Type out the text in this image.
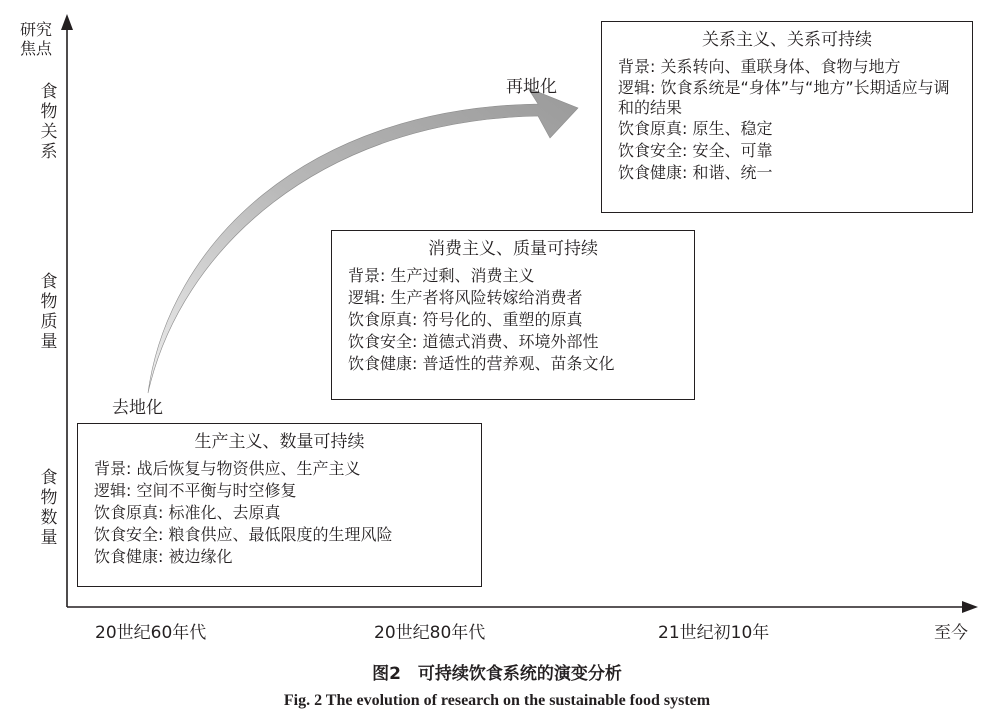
研究焦点
食物关系
食物质量
食物数量
20世纪60年代	20世纪80年代	21世纪初10年	至今
去地化
再地化
生产主义、数量可持续
背景: 战后恢复与物资供应、生产主义
逻辑: 空间不平衡与时空修复
饮食原真: 标准化、去原真
饮食安全: 粮食供应、最低限度的生理风险
饮食健康: 被边缘化
消费主义、质量可持续
背景: 生产过剩、消费主义
逻辑: 生产者将风险转嫁给消费者
饮食原真: 符号化的、重塑的原真
饮食安全: 道德式消费、环境外部性
饮食健康: 普适性的营养观、苗条文化
关系主义、关系可持续
背景: 关系转向、重联身体、食物与地方
逻辑: 饮食系统是“身体”与“地方”长期适应与调和的结果
饮食原真: 原生、稳定
饮食安全: 安全、可靠
饮食健康: 和谐、统一
图2　可持续饮食系统的演变分析
Fig. 2 The evolution of research on the sustainable food system
